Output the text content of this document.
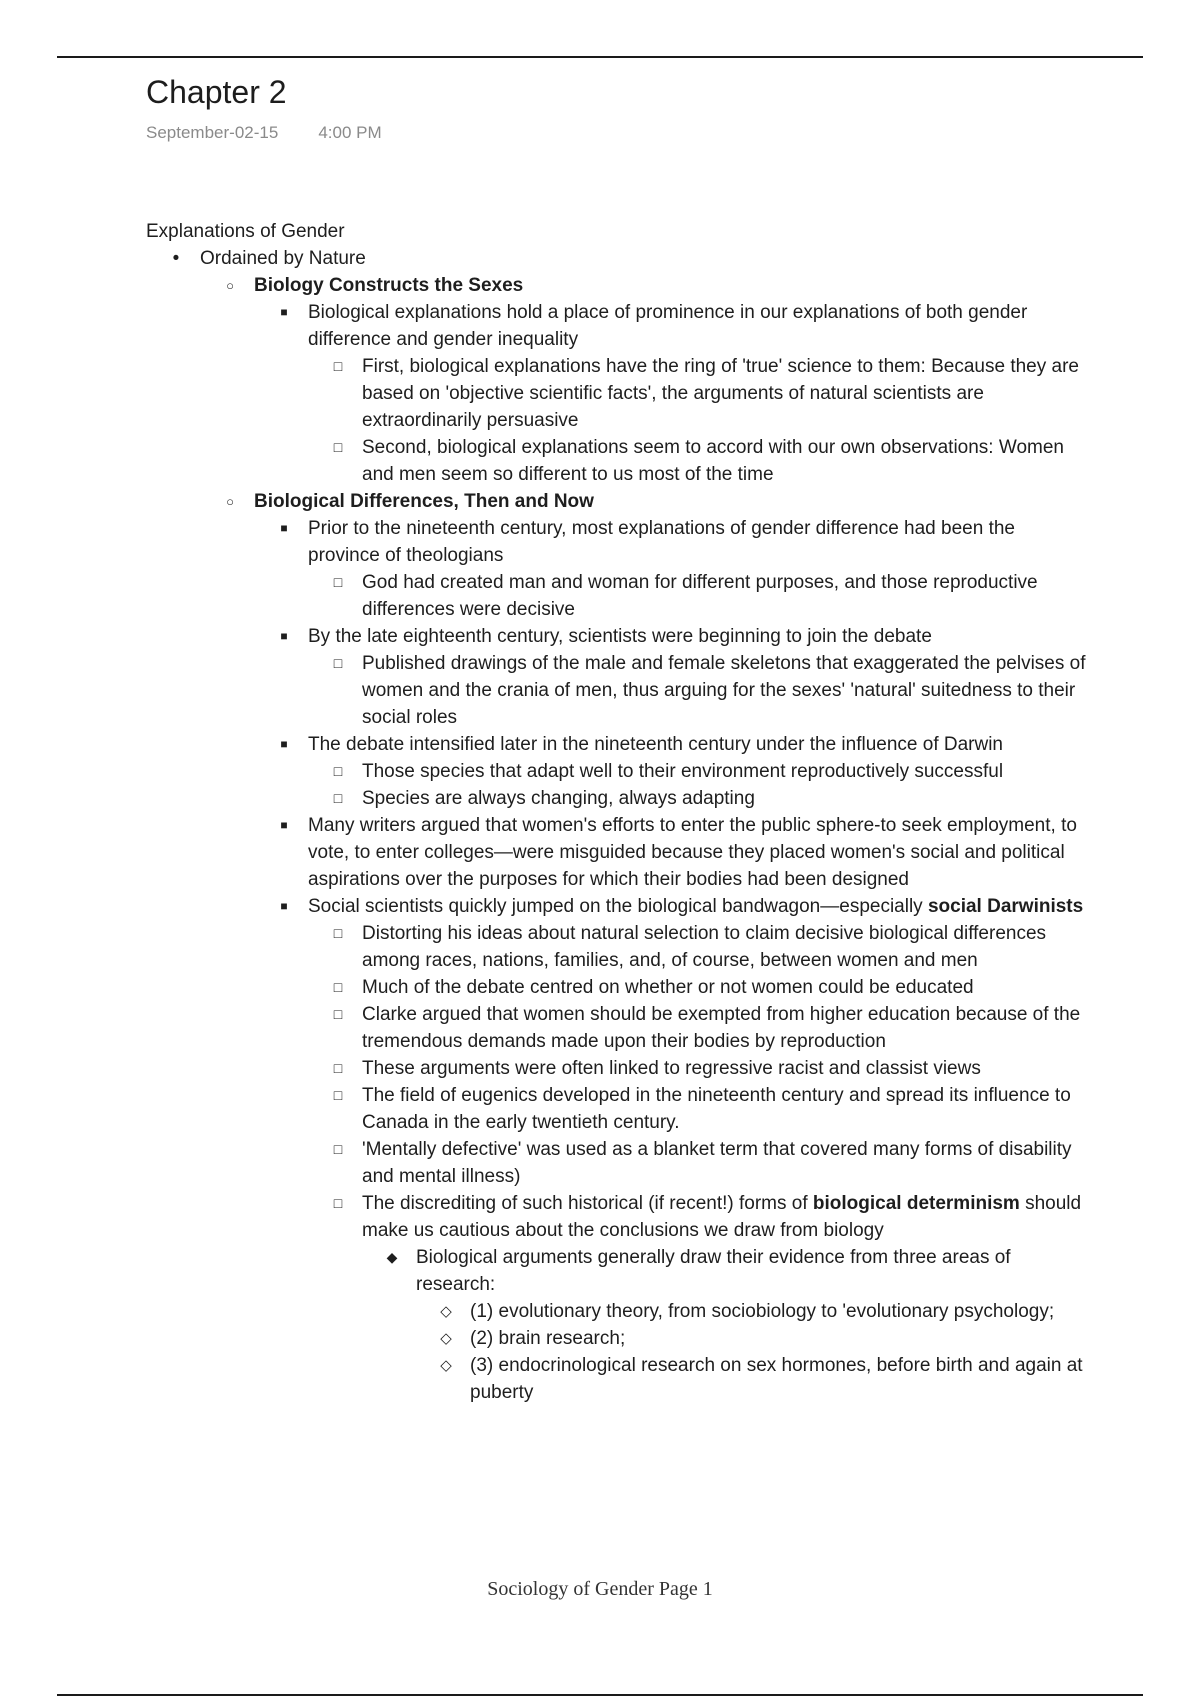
Chapter 2
September-02-15 4:00 PM
Explanations of Gender
•	Ordained by Nature
○	Biology Constructs the Sexes
■	Biological explanations hold a place of prominence in our explanations of both gender difference and gender inequality
□	First, biological explanations have the ring of 'true' science to them: Because they are based on 'objective scientific facts', the arguments of natural scientists are extraordinarily persuasive
□	Second, biological explanations seem to accord with our own observations: Women and men seem so different to us most of the time
○	Biological Differences, Then and Now
■	Prior to the nineteenth century, most explanations of gender difference had been the province of theologians
□	God had created man and woman for different purposes, and those reproductive differences were decisive
■	By the late eighteenth century, scientists were beginning to join the debate
□	Published drawings of the male and female skeletons that exaggerated the pelvises of women and the crania of men, thus arguing for the sexes' 'natural' suitedness to their social roles
■	The debate intensified later in the nineteenth century under the influence of Darwin
□	Those species that adapt well to their environment reproductively successful
□	Species are always changing, always adapting
■	Many writers argued that women's efforts to enter the public sphere-to seek employment, to vote, to enter colleges—were misguided because they placed women's social and political aspirations over the purposes for which their bodies had been designed
■	Social scientists quickly jumped on the biological bandwagon—especially social Darwinists
□	Distorting his ideas about natural selection to claim decisive biological differences among races, nations, families, and, of course, between women and men
□	Much of the debate centred on whether or not women could be educated
□	Clarke argued that women should be exempted from higher education because of the tremendous demands made upon their bodies by reproduction
□	These arguments were often linked to regressive racist and classist views
□	The field of eugenics developed in the nineteenth century and spread its influence to Canada in the early twentieth century.
□	'Mentally defective' was used as a blanket term that covered many forms of disability and mental illness)
□	The discrediting of such historical (if recent!) forms of biological determinism should make us cautious about the conclusions we draw from biology
◆ Biological arguments generally draw their evidence from three areas of research:
◇ (1) evolutionary theory, from sociobiology to 'evolutionary psychology;
◇ (2) brain research;
◇ (3) endocrinological research on sex hormones, before birth and again at puberty
Sociology of Gender Page 1
